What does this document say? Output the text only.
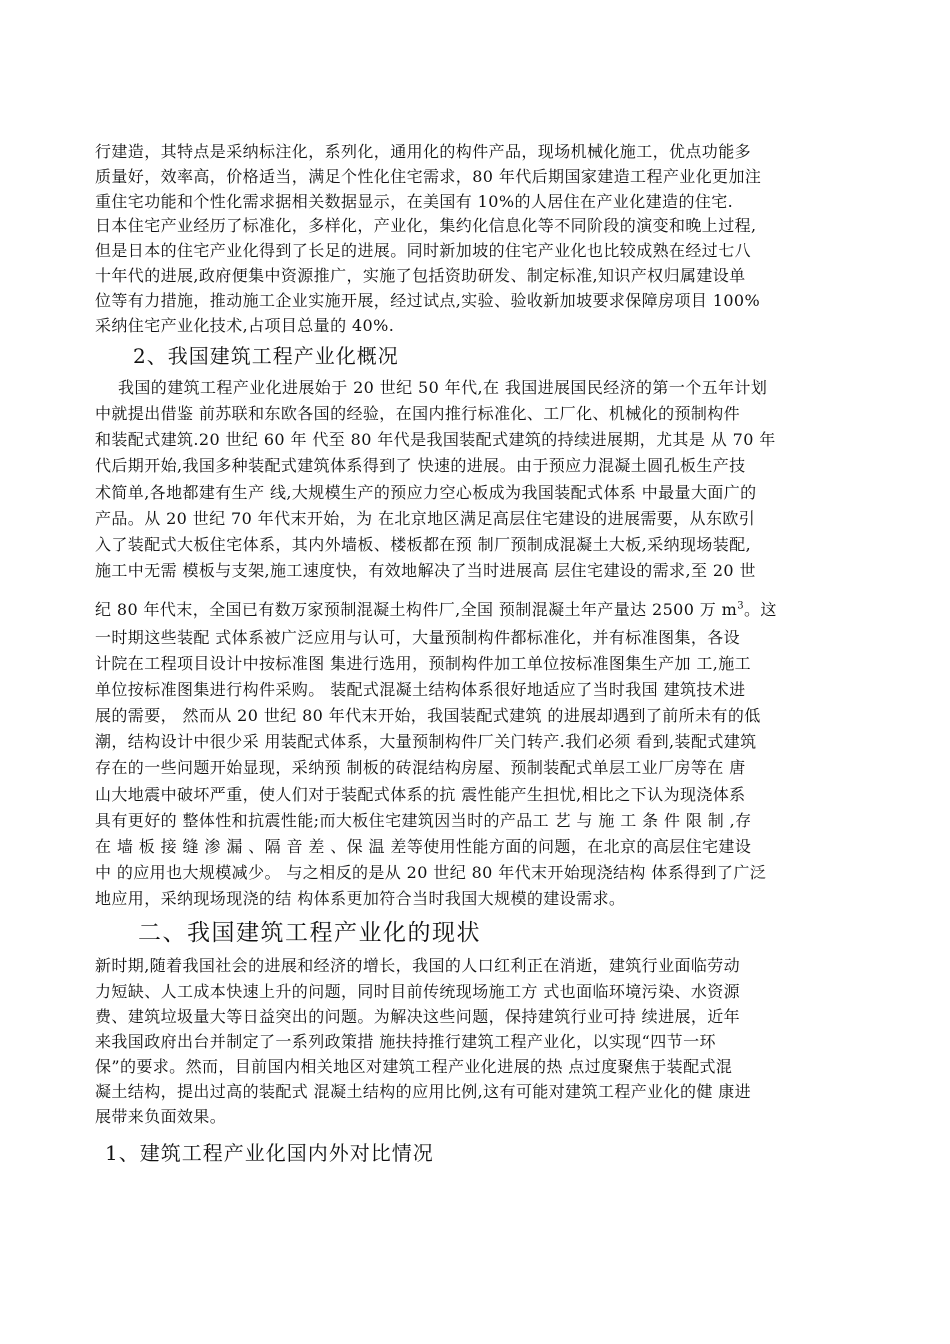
行建造，其特点是采纳标注化，系列化，通用化的构件产品，现场机械化施工，优点功能多
质量好，效率高，价格适当，满足个性化住宅需求，80 年代后期国家建造工程产业化更加注
重住宅功能和个性化需求据相关数据显示，在美国有 10%的人居住在产业化建造的住宅.
日本住宅产业经历了标准化，多样化，产业化，集约化信息化等不同阶段的演变和晚上过程,
但是日本的住宅产业化得到了长足的进展。同时新加坡的住宅产业化也比较成熟在经过七八
十年代的进展,政府便集中资源推广，实施了包括资助研发、制定标准,知识产权归属建设单
位等有力措施，推动施工企业实施开展，经过试点,实验、验收新加坡要求保障房项目 100%
采纳住宅产业化技术,占项目总量的 40%.
2、我国建筑工程产业化概况
我国的建筑工程产业化进展始于 20 世纪 50 年代,在 我国进展国民经济的第一个五年计划
中就提出借鉴 前苏联和东欧各国的经验，在国内推行标准化、工厂化、机械化的预制构件
和装配式建筑.20 世纪 60 年 代至 80 年代是我国装配式建筑的持续进展期，尤其是 从 70 年
代后期开始,我国多种装配式建筑体系得到了 快速的进展。由于预应力混凝土圆孔板生产技
术简单,各地都建有生产 线,大规模生产的预应力空心板成为我国装配式体系 中最量大面广的
产品。从 20 世纪 70 年代末开始，为 在北京地区满足高层住宅建设的进展需要，从东欧引
入了装配式大板住宅体系，其内外墙板、楼板都在预 制厂预制成混凝土大板,采纳现场装配,
施工中无需 模板与支架,施工速度快，有效地解决了当时进展高 层住宅建设的需求,至 20 世
纪 80 年代末，全国已有数万家预制混凝土构件厂,全国 预制混凝土年产量达 2500 万 $m^3$。这
一时期这些装配 式体系被广泛应用与认可，大量预制构件都标准化，并有标准图集，各设
计院在工程项目设计中按标准图 集进行选用，预制构件加工单位按标准图集生产加 工,施工
单位按标准图集进行构件采购。 装配式混凝土结构体系很好地适应了当时我国 建筑技术进
展的需要， 然而从 20 世纪 80 年代末开始，我国装配式建筑 的进展却遇到了前所未有的低
潮，结构设计中很少采 用装配式体系，大量预制构件厂关门转产.我们必须 看到,装配式建筑
存在的一些问题开始显现，采纳预 制板的砖混结构房屋、预制装配式单层工业厂房等在 唐
山大地震中破坏严重，使人们对于装配式体系的抗 震性能产生担忧,相比之下认为现浇体系
具有更好的 整体性和抗震性能;而大板住宅建筑因当时的产品工 艺 与 施 工 条 件 限 制 ,存
在 墙 板 接 缝 渗 漏 、隔 音 差 、保 温 差等使用性能方面的问题，在北京的高层住宅建设
中 的应用也大规模减少。 与之相反的是从 20 世纪 80 年代末开始现浇结构 体系得到了广泛
地应用，采纳现场现浇的结 构体系更加符合当时我国大规模的建设需求。
二、我国建筑工程产业化的现状
新时期,随着我国社会的进展和经济的增长，我国的人口红利正在消逝，建筑行业面临劳动
力短缺、人工成本快速上升的问题，同时目前传统现场施工方 式也面临环境污染、水资源
费、建筑垃圾量大等日益突出的问题。为解决这些问题，保持建筑行业可持 续进展，近年
来我国政府出台并制定了一系列政策措 施扶持推行建筑工程产业化，以实现“四节一环
保”的要求。然而，目前国内相关地区对建筑工程产业化进展的热 点过度聚焦于装配式混
凝土结构，提出过高的装配式 混凝土结构的应用比例,这有可能对建筑工程产业化的健 康进
展带来负面效果。
1、建筑工程产业化国内外对比情况
